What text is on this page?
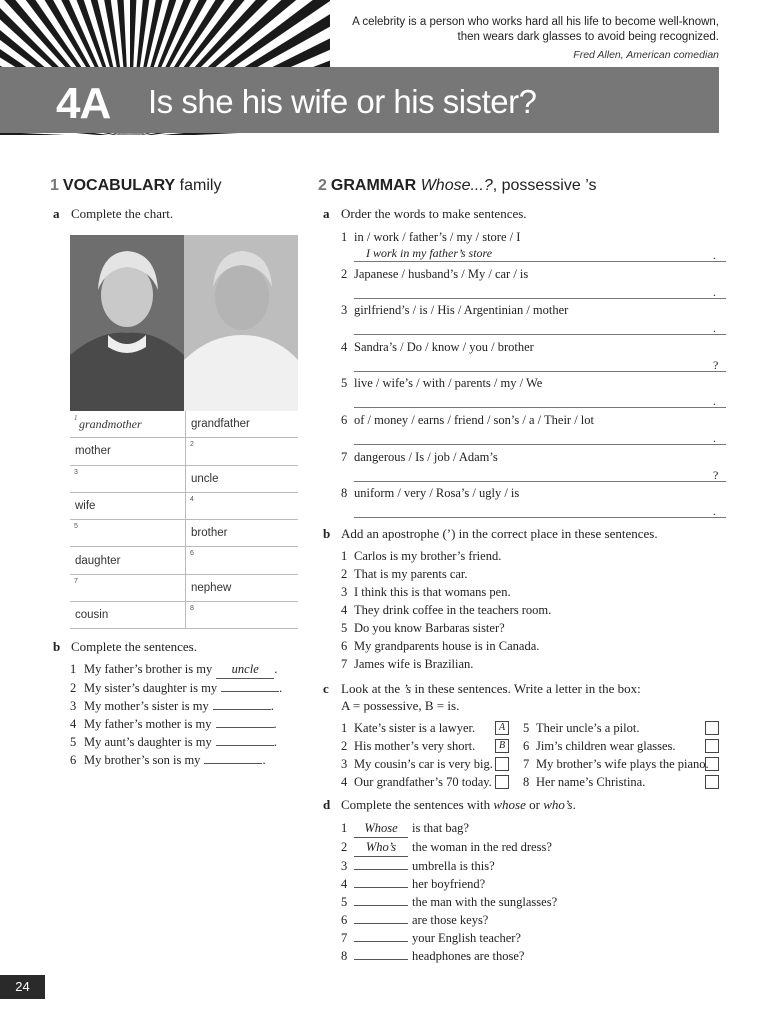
A celebrity is a person who works hard all his life to become well-known,
then wears dark glasses to avoid being recognized.
Fred Allen, American comedian
4A Is she his wife or his sister?
1 VOCABULARY family
a Complete the chart.
1 grandmother	grandfather
mother	2

3	uncle
wife	4

5	brother
daughter	6

7	nephew
cousin	8
b Complete the sentences.
1 My father’s brother is my uncle .
2 My sister’s daughter is my	.
3 My mother’s sister is my	.
4 My father’s mother is my	.
5 My aunt’s daughter is my	.
6 My brother’s son is my	.
2 GRAMMAR Whose...?, possessive ’s
a Order the words to make sentences.
1 in / work / father’s / my / store / I
I work in my father’s store	.
2 Japanese / husband’s / My / car / is
.
3 girlfriend’s / is / His / Argentinian / mother
.
4 Sandra’s / Do / know / you / brother
?
5 live / wife’s / with / parents / my / We
.
6 of / money / earns / friend / son’s / a / Their / lot
.
7 dangerous / Is / job / Adam’s
?
8 uniform / very / Rosa’s / ugly / is
.
b Add an apostrophe (’) in the correct place in these sentences.
1 Carlos is my brother’s friend.
2 That is my parents car.
3 I think this is that womans pen.
4 They drink coffee in the teachers room.
5 Do you know Barbaras sister?
6 My grandparents house is in Canada.
7 James wife is Brazilian.
c Look at the ’s in these sentences. Write a letter in the box:
A = possessive, B = is.
1 Kate’s sister is a lawyer.	A
2 His mother’s very short.	B
3 My cousin’s car is very big.
4 Our grandfather’s 70 today.
5 Their uncle’s a pilot.
6 Jim’s children wear glasses.
7 My brother’s wife plays the piano.
8 Her name’s Christina.
d Complete the sentences with whose or who’s.
1 Whose is that bag?
2 Who’s the woman in the red dress?
3	umbrella is this?
4	her boyfriend?
5	the man with the sunglasses?
6	are those keys?
7	your English teacher?
8	headphones are those?
24
